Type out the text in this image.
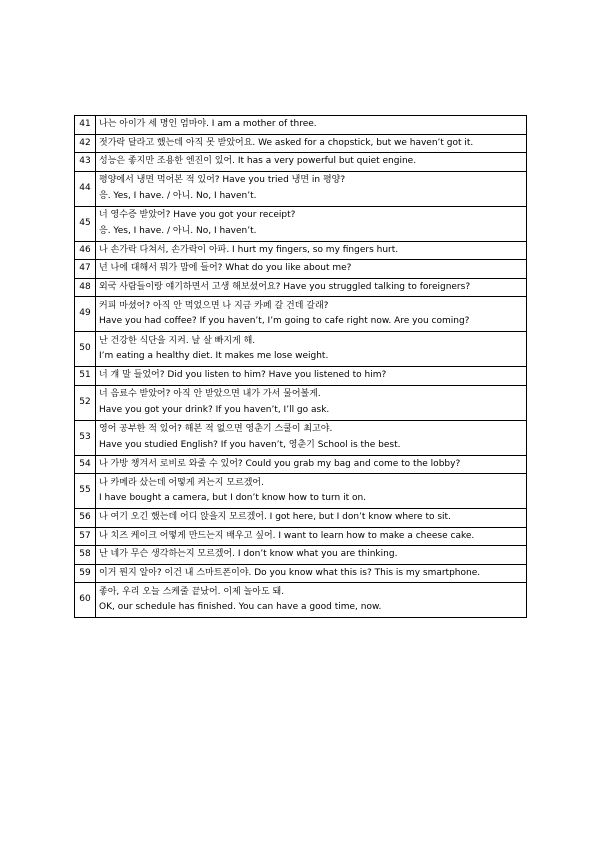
41	나는 아이가 세 명인 엄마야. I am a mother of three.

42	젓가락 달라고 했는데 아직 못 받았어요. We asked for a chopstick, but we haven’t got it.

43	성능은 좋지만 조용한 엔진이 있어. It has a very powerful but quiet engine.

44	평양에서 냉면 먹어본 적 있어? Have you tried 냉면 in 평양?
응. Yes, I have. / 아니. No, I haven’t.

45	너 영수증 받았어? Have you got your receipt?
응. Yes, I have. / 아니. No, I haven’t.

46	나 손가락 다쳐서, 손가락이 아파. I hurt my fingers, so my fingers hurt.

47	넌 나에 대해서 뭐가 맘에 들어? What do you like about me?

48	외국 사람들이랑 얘기하면서 고생 해보셨어요? Have you struggled talking to foreigners?

49	커피 마셨어? 아직 안 먹었으면 나 지금 카페 갈 건데 갈래?
Have you had coffee? If you haven’t, I’m going to cafe right now. Are you coming?

50	난 건강한 식단을 지켜. 날 살 빠지게 해.
I’m eating a healthy diet. It makes me lose weight.

51	너 걔 말 들었어? Did you listen to him? Have you listened to him?

52	너 음료수 받았어? 아직 안 받았으면 내가 가서 물어볼게.
Have you got your drink? If you haven’t, I’ll go ask.

53	영어 공부한 적 있어? 해본 적 없으면 영춘기 스쿨이 최고야.
Have you studied English? If you haven’t, 영춘기 School is the best.

54	나 가방 챙겨서 로비로 와줄 수 있어? Could you grab my bag and come to the lobby?

55	나 카메라 샀는데 어떻게 켜는지 모르겠어.
I have bought a camera, but I don’t know how to turn it on.

56	나 여기 오긴 했는데 어디 앉을지 모르겠어. I got here, but I don’t know where to sit.

57	나 치즈 케이크 어떻게 만드는지 배우고 싶어. I want to learn how to make a cheese cake.

58	난 네가 무슨 생각하는지 모르겠어. I don’t know what you are thinking.

59	이거 뭔지 알아? 이건 내 스마트폰이야. Do you know what this is? This is my smartphone.

60	좋아, 우리 오늘 스케줄 끝났어. 이제 놀아도 돼.
OK, our schedule has finished. You can have a good time, now.
